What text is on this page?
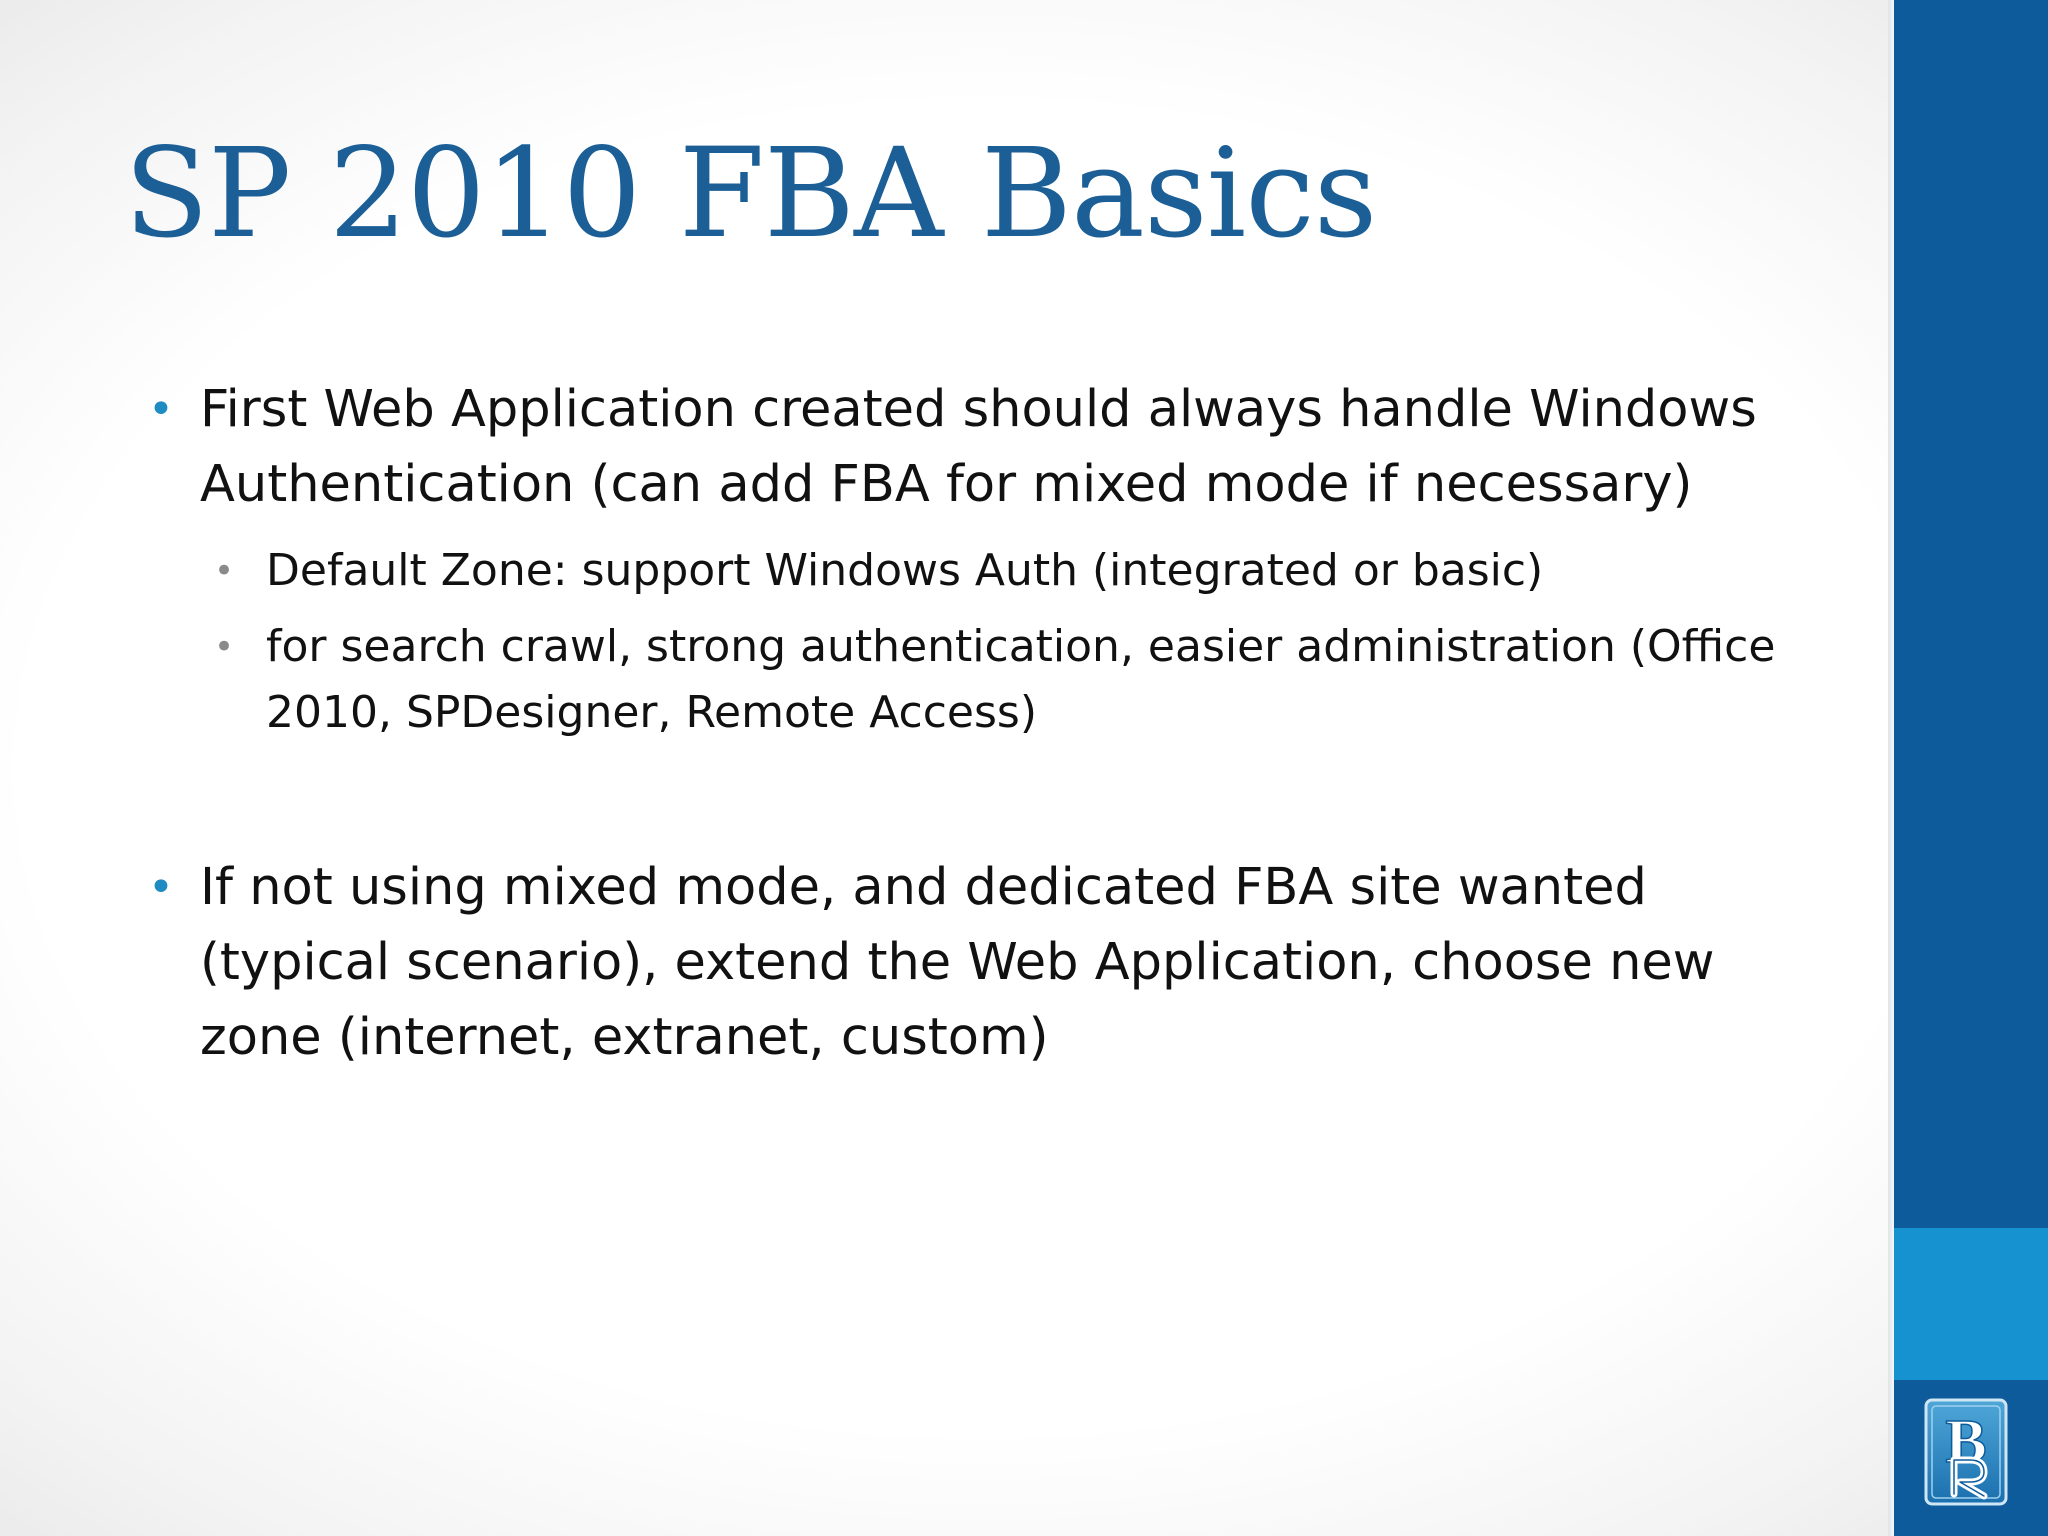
SP 2010 FBA Basics
• First Web Application created should always handle Windows Authentication (can add FBA for mixed mode if necessary)
• Default Zone: support Windows Auth (integrated or basic)
• for search crawl, strong authentication, easier administration (Office 2010, SPDesigner, Remote Access)
• If not using mixed mode, and dedicated FBA site wanted (typical scenario), extend the Web Application, choose new zone (internet, extranet, custom)
B
